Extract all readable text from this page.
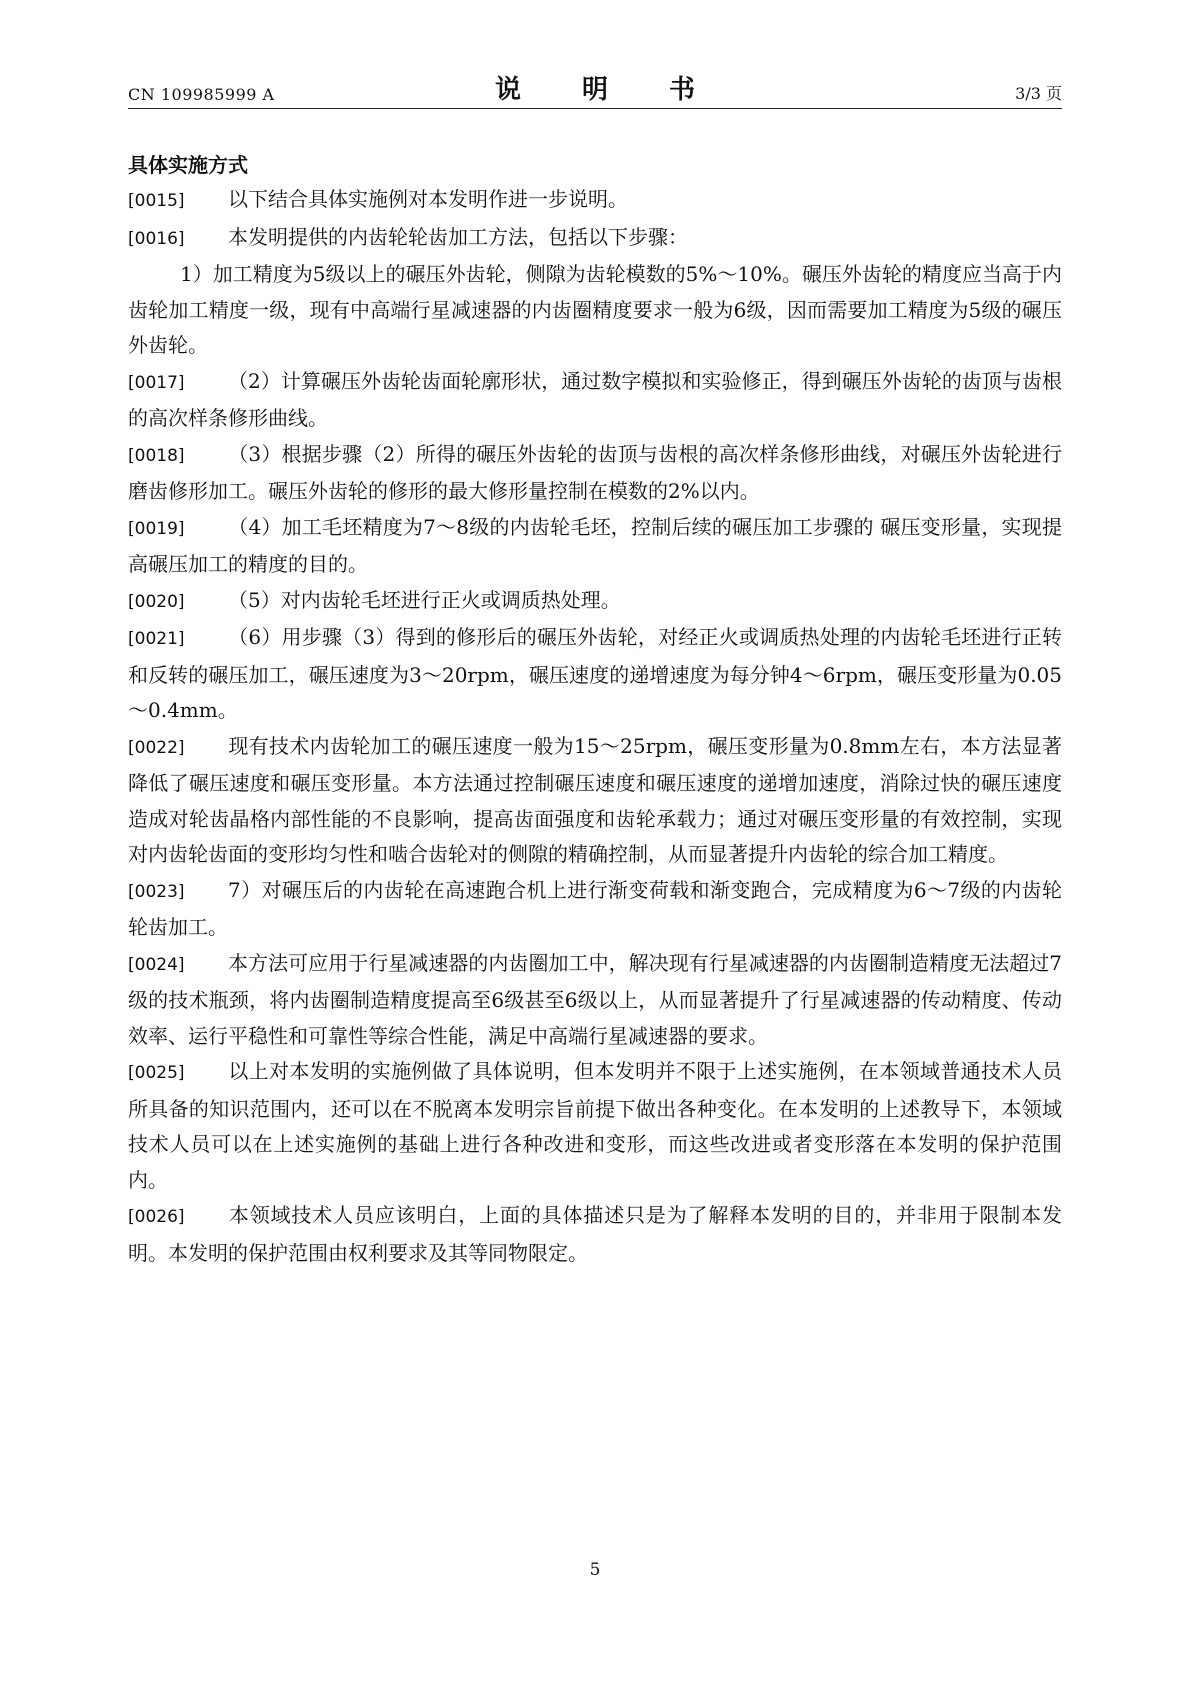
CN 109985999 A	说 明 书	3/3 页
具体实施方式
[0015] 以下结合具体实施例对本发明作进一步说明。
[0016] 本发明提供的内齿轮轮齿加工方法，包括以下步骤：
1）加工精度为5级以上的碾压外齿轮，侧隙为齿轮模数的5%～10%。碾压外齿轮的精度应当高于内齿轮加工精度一级，现有中高端行星减速器的内齿圈精度要求一般为6级，因而需要加工精度为5级的碾压外齿轮。
[0017] （2）计算碾压外齿轮齿面轮廓形状，通过数字模拟和实验修正，得到碾压外齿轮的齿顶与齿根的高次样条修形曲线。
[0018] （3）根据步骤（2）所得的碾压外齿轮的齿顶与齿根的高次样条修形曲线，对碾压外齿轮进行磨齿修形加工。碾压外齿轮的修形的最大修形量控制在模数的2%以内。
[0019] （4）加工毛坯精度为7～8级的内齿轮毛坯，控制后续的碾压加工步骤的 碾压变形量，实现提高碾压加工的精度的目的。
[0020] （5）对内齿轮毛坯进行正火或调质热处理。
[0021] （6）用步骤（3）得到的修形后的碾压外齿轮，对经正火或调质热处理的内齿轮毛坯进行正转和反转的碾压加工，碾压速度为3～20rpm，碾压速度的递增速度为每分钟4～6rpm，碾压变形量为0.05～0.4mm。
[0022] 现有技术内齿轮加工的碾压速度一般为15～25rpm，碾压变形量为0.8mm左右，本方法显著降低了碾压速度和碾压变形量。本方法通过控制碾压速度和碾压速度的递增加速度，消除过快的碾压速度造成对轮齿晶格内部性能的不良影响，提高齿面强度和齿轮承载力；通过对碾压变形量的有效控制，实现对内齿轮齿面的变形均匀性和啮合齿轮对的侧隙的精确控制，从而显著提升内齿轮的综合加工精度。
[0023] 7）对碾压后的内齿轮在高速跑合机上进行渐变荷载和渐变跑合，完成精度为6～7级的内齿轮轮齿加工。
[0024] 本方法可应用于行星减速器的内齿圈加工中，解决现有行星减速器的内齿圈制造精度无法超过7级的技术瓶颈，将内齿圈制造精度提高至6级甚至6级以上，从而显著提升了行星减速器的传动精度、传动效率、运行平稳性和可靠性等综合性能，满足中高端行星减速器的要求。
[0025] 以上对本发明的实施例做了具体说明，但本发明并不限于上述实施例，在本领域普通技术人员所具备的知识范围内，还可以在不脱离本发明宗旨前提下做出各种变化。在本发明的上述教导下，本领域技术人员可以在上述实施例的基础上进行各种改进和变形，而这些改进或者变形落在本发明的保护范围内。
[0026] 本领域技术人员应该明白，上面的具体描述只是为了解释本发明的目的，并非用于限制本发明。本发明的保护范围由权利要求及其等同物限定。
5
